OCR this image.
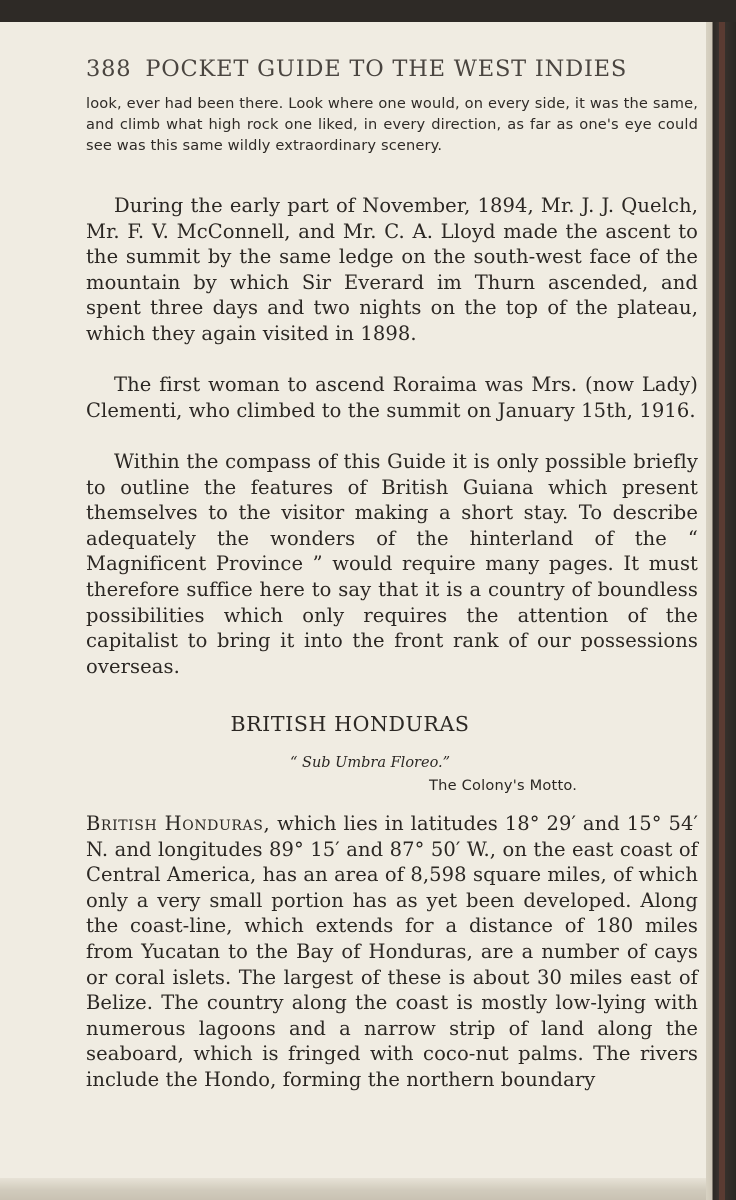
388 POCKET GUIDE TO THE WEST INDIES
look, ever had been there. Look where one would, on every side, it was the same, and climb what high rock one liked, in every direction, as far as one's eye could see was this same wildly extraordinary scenery.
During the early part of November, 1894, Mr. J. J. Quelch, Mr. F. V. McConnell, and Mr. C. A. Lloyd made the ascent to the summit by the same ledge on the south-west face of the mountain by which Sir Everard im Thurn ascended, and spent three days and two nights on the top of the plateau, which they again visited in 1898.
The first woman to ascend Roraima was Mrs. (now Lady) Clementi, who climbed to the summit on January 15th, 1916.
Within the compass of this Guide it is only possible briefly to outline the features of British Guiana which present themselves to the visitor making a short stay. To describe adequately the wonders of the hinterland of the “ Magnificent Province ” would require many pages. It must therefore suffice here to say that it is a country of boundless possibilities which only requires the attention of the capitalist to bring it into the front rank of our possessions overseas.
BRITISH HONDURAS
“ Sub Umbra Floreo.”
The Colony's Motto.
British Honduras, which lies in latitudes 18° 29′ and 15° 54′ N. and longitudes 89° 15′ and 87° 50′ W., on the east coast of Central America, has an area of 8,598 square miles, of which only a very small portion has as yet been developed. Along the coast-line, which extends for a distance of 180 miles from Yucatan to the Bay of Honduras, are a number of cays or coral islets. The largest of these is about 30 miles east of Belize. The country along the coast is mostly low-lying with numerous lagoons and a narrow strip of land along the seaboard, which is fringed with coco-nut palms. The rivers include the Hondo, forming the northern boundary
